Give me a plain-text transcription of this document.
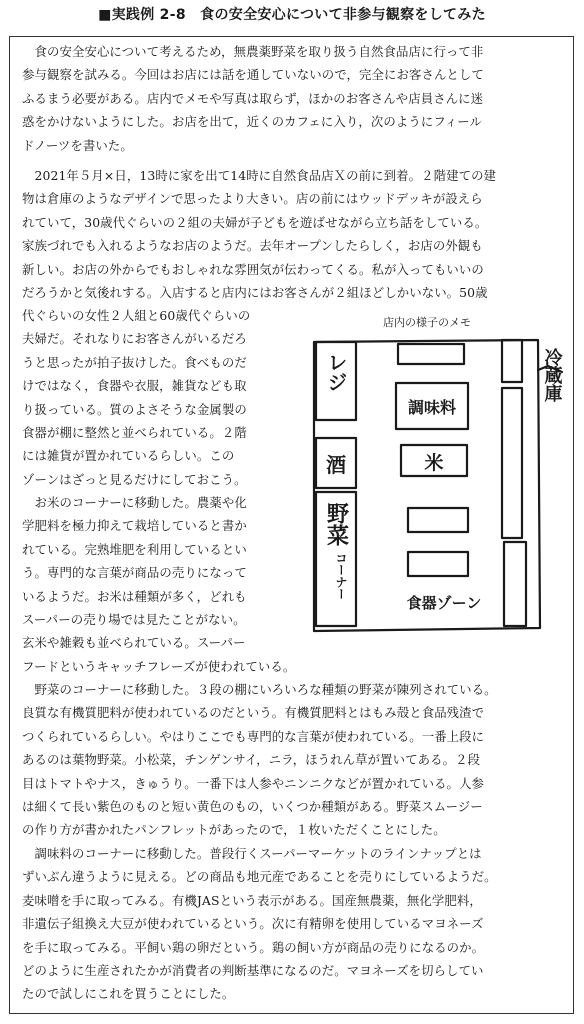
■実践例 2-8　食の安全安心について非参与観察をしてみた
　食の安全安心について考えるため，無農薬野菜を取り扱う自然食品店に行って非
参与観察を試みる。今回はお店には話を通していないので，完全にお客さんとして
ふるまう必要がある。店内でメモや写真は取らず，ほかのお客さんや店員さんに迷
惑をかけないようにした。お店を出て，近くのカフェに入り，次のようにフィール
ドノーツを書いた。
　2021年５月×日，13時に家を出て14時に自然食品店Ｘの前に到着。２階建ての建
物は倉庫のようなデザインで思ったより大きい。店の前にはウッドデッキが設えら
れていて，30歳代ぐらいの２組の夫婦が子どもを遊ばせながら立ち話をしている。
家族づれでも入れるようなお店のようだ。去年オープンしたらしく，お店の外観も
新しい。お店の外からでもおしゃれな雰囲気が伝わってくる。私が入ってもいいの
だろうかと気後れする。入店すると店内にはお客さんが２組ほどしかいない。50歳
代ぐらいの女性２人組と60歳代ぐらいの
夫婦だ。それなりにお客さんがいるだろ
うと思ったが拍子抜けした。食べものだ
けではなく，食器や衣服，雑貨なども取
り扱っている。質のよさそうな金属製の
食器が棚に整然と並べられている。２階
には雑貨が置かれているらしい。この
ゾーンはざっと見るだけにしておこう。
　お米のコーナーに移動した。農薬や化
学肥料を極力抑えて栽培していると書か
れている。完熟堆肥を利用しているとい
う。専門的な言葉が商品の売りになって
いるようだ。お米は種類が多く，どれも
スーパーの売り場では見たことがない。
玄米や雑穀も並べられている。スーパー
フードというキャッチフレーズが使われている。
　野菜のコーナーに移動した。３段の棚にいろいろな種類の野菜が陳列されている。
良質な有機質肥料が使われているのだという。有機質肥料とはもみ殻と食品残渣で
つくられているらしい。やはりここでも専門的な言葉が使われている。一番上段に
あるのは葉物野菜。小松菜，チンゲンサイ，ニラ，ほうれん草が置いてある。２段
目はトマトやナス，きゅうり。一番下は人参やニンニクなどが置かれている。人参
は細くて長い紫色のものと短い黄色のもの，いくつか種類がある。野菜スムージー
の作り方が書かれたパンフレットがあったので，１枚いただくことにした。
　調味料のコーナーに移動した。普段行くスーパーマーケットのラインナップとは
ずいぶん違うように見える。どの商品も地元産であることを売りにしているようだ。
麦味噌を手に取ってみる。有機JASという表示がある。国産無農薬，無化学肥料，
非遺伝子組換え大豆が使われているという。次に有精卵を使用しているマヨネーズ
を手に取ってみる。平飼い鶏の卵だという。鶏の飼い方が商品の売りになるのか。
どのように生産されたかが消費者の判断基準になるのだ。マヨネーズを切らしてい
たので試しにこれを買うことにした。
店内の様子のメモ
レジ	冷蔵庫
調味料
米
酒
野菜
コーナー
食器ゾーン
